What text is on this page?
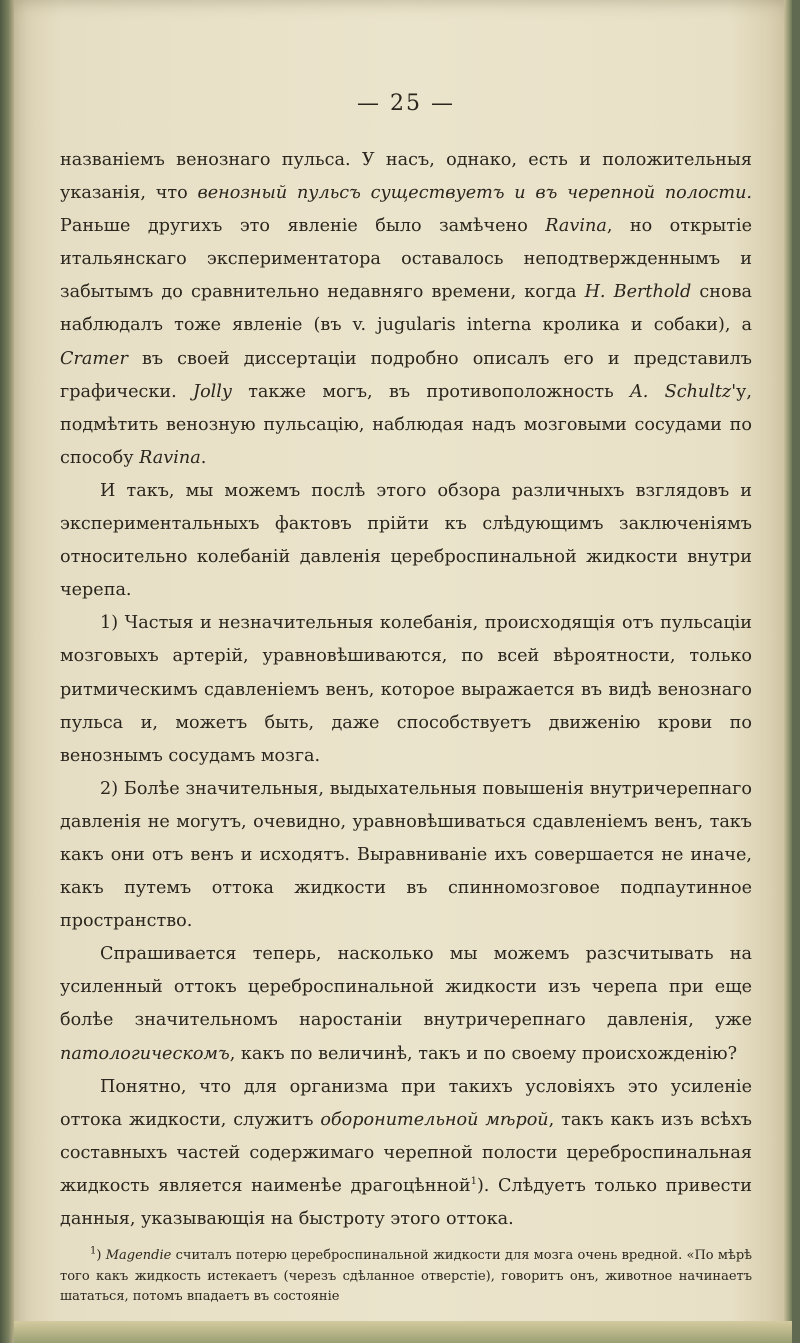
— 25 —

названіемъ венознаго пульса. У насъ, однако, есть и положительныя указанія, что венозный пульсъ существуетъ и въ черепной полости. Раньше другихъ это явленіе было замѣчено Ravina, но открытіе итальянскаго экспериментатора оставалось неподтвержденнымъ и забытымъ до сравнительно недавняго времени, когда H. Berthold снова наблюдалъ тоже явленіе (въ v. jugularis interna кролика и собаки), а Cramer въ своей диссертаціи подробно описалъ его и представилъ графически. Jolly также могъ, въ противоположность A. Schultz'у, подмѣтить венозную пульсацію, наблюдая надъ мозговыми сосудами по способу Ravina.

И такъ, мы можемъ послѣ этого обзора различныхъ взглядовъ и экспериментальныхъ фактовъ прійти къ слѣдующимъ заключеніямъ относительно колебаній давленія цереброспинальной жидкости внутри черепа.

1) Частыя и незначительныя колебанія, происходящія отъ пульсаціи мозговыхъ артерій, уравновѣшиваются, по всей вѣроятности, только ритмическимъ сдавленіемъ венъ, которое выражается въ видѣ венознаго пульса и, можетъ быть, даже способствуетъ движенію крови по венознымъ сосудамъ мозга.

2) Болѣе значительныя, выдыхательныя повышенія внутричерепнаго давленія не могутъ, очевидно, уравновѣшиваться сдавленіемъ венъ, такъ какъ они отъ венъ и исходятъ. Выравниваніе ихъ совершается не иначе, какъ путемъ оттока жидкости въ спинномозговое подпаутинное пространство.

Спрашивается теперь, насколько мы можемъ разсчитывать на усиленный оттокъ цереброспинальной жидкости изъ черепа при еще болѣе значительномъ наростаніи внутричерепнаго давленія, уже патологическомъ, какъ по величинѣ, такъ и по своему происхожденію?

Понятно, что для организма при такихъ условіяхъ это усиленіе оттока жидкости, служитъ оборонительной мѣрой, такъ какъ изъ всѣхъ составныхъ частей содержимаго черепной полости цереброспинальная жидкость является наименѣе драгоцѣнной$^1$). Слѣдуетъ только привести данныя, указывающія на быстроту этого оттока.

$^1$) Magendie считалъ потерю цереброспинальной жидкости для мозга очень вредной. «По мѣрѣ того какъ жидкость истекаетъ (черезъ сдѣланное отверстіе), говоритъ онъ, животное начинаетъ шататься, потомъ впадаетъ въ состояніе
